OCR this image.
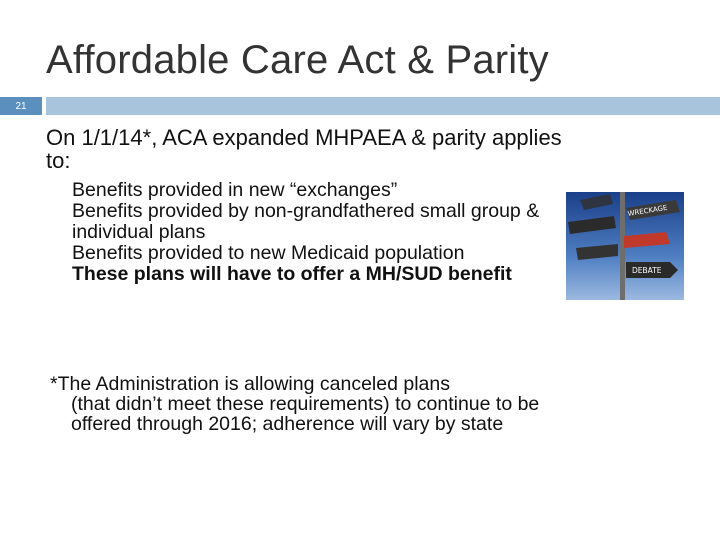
Affordable Care Act & Parity
21
On 1/1/14*, ACA expanded MHPAEA & parity applies to:
Benefits provided in new “exchanges”
Benefits provided by non-grandfathered small group & individual plans
Benefits provided to new Medicaid population
These plans will have to offer a MH/SUD benefit
*The Administration is allowing canceled plans
(that didn’t meet these requirements) to continue to be offered through 2016; adherence will vary by state
WRECKAGE
DEBATE
